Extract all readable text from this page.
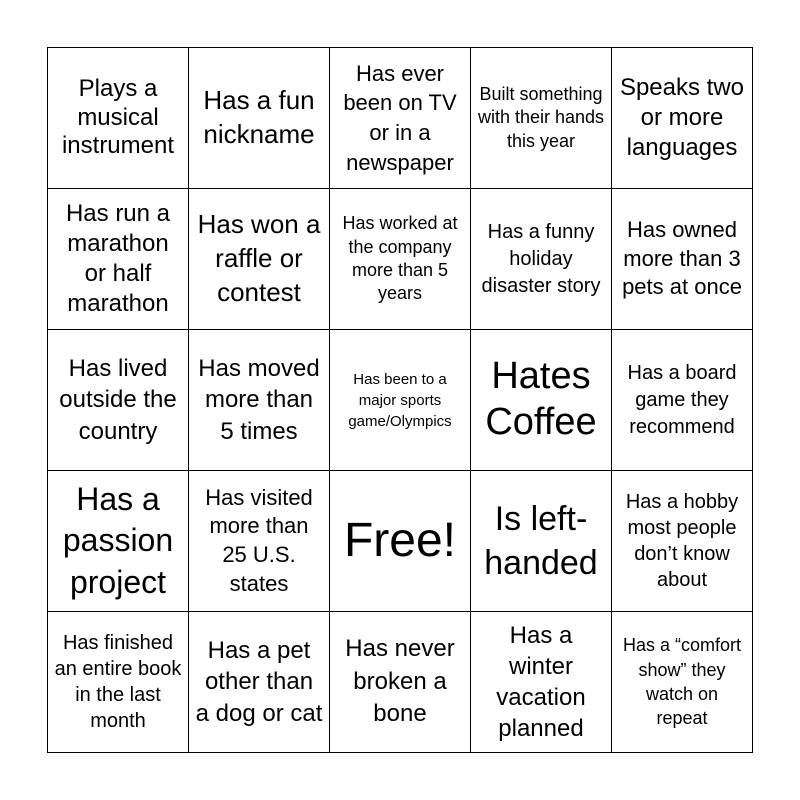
Plays a musical instrument
Has a fun nickname
Has ever been on TV or in a newspaper
Built something with their hands this year
Speaks two or more languages
Has run a marathon or half marathon
Has won a raffle or contest
Has worked at the company more than 5 years
Has a funny holiday disaster story
Has owned more than 3 pets at once
Has lived outside the country
Has moved more than 5 times
Has been to a major sports game/Olympics
Hates Coffee
Has a board game they recommend
Has a passion project
Has visited more than 25 U.S. states
Free!	Is left-handed
Has a hobby most people don’t know about
Has finished an entire book in the last month
Has a pet other than a dog or cat
Has never broken a bone
Has a winter vacation planned
Has a “comfort show” they watch on repeat
